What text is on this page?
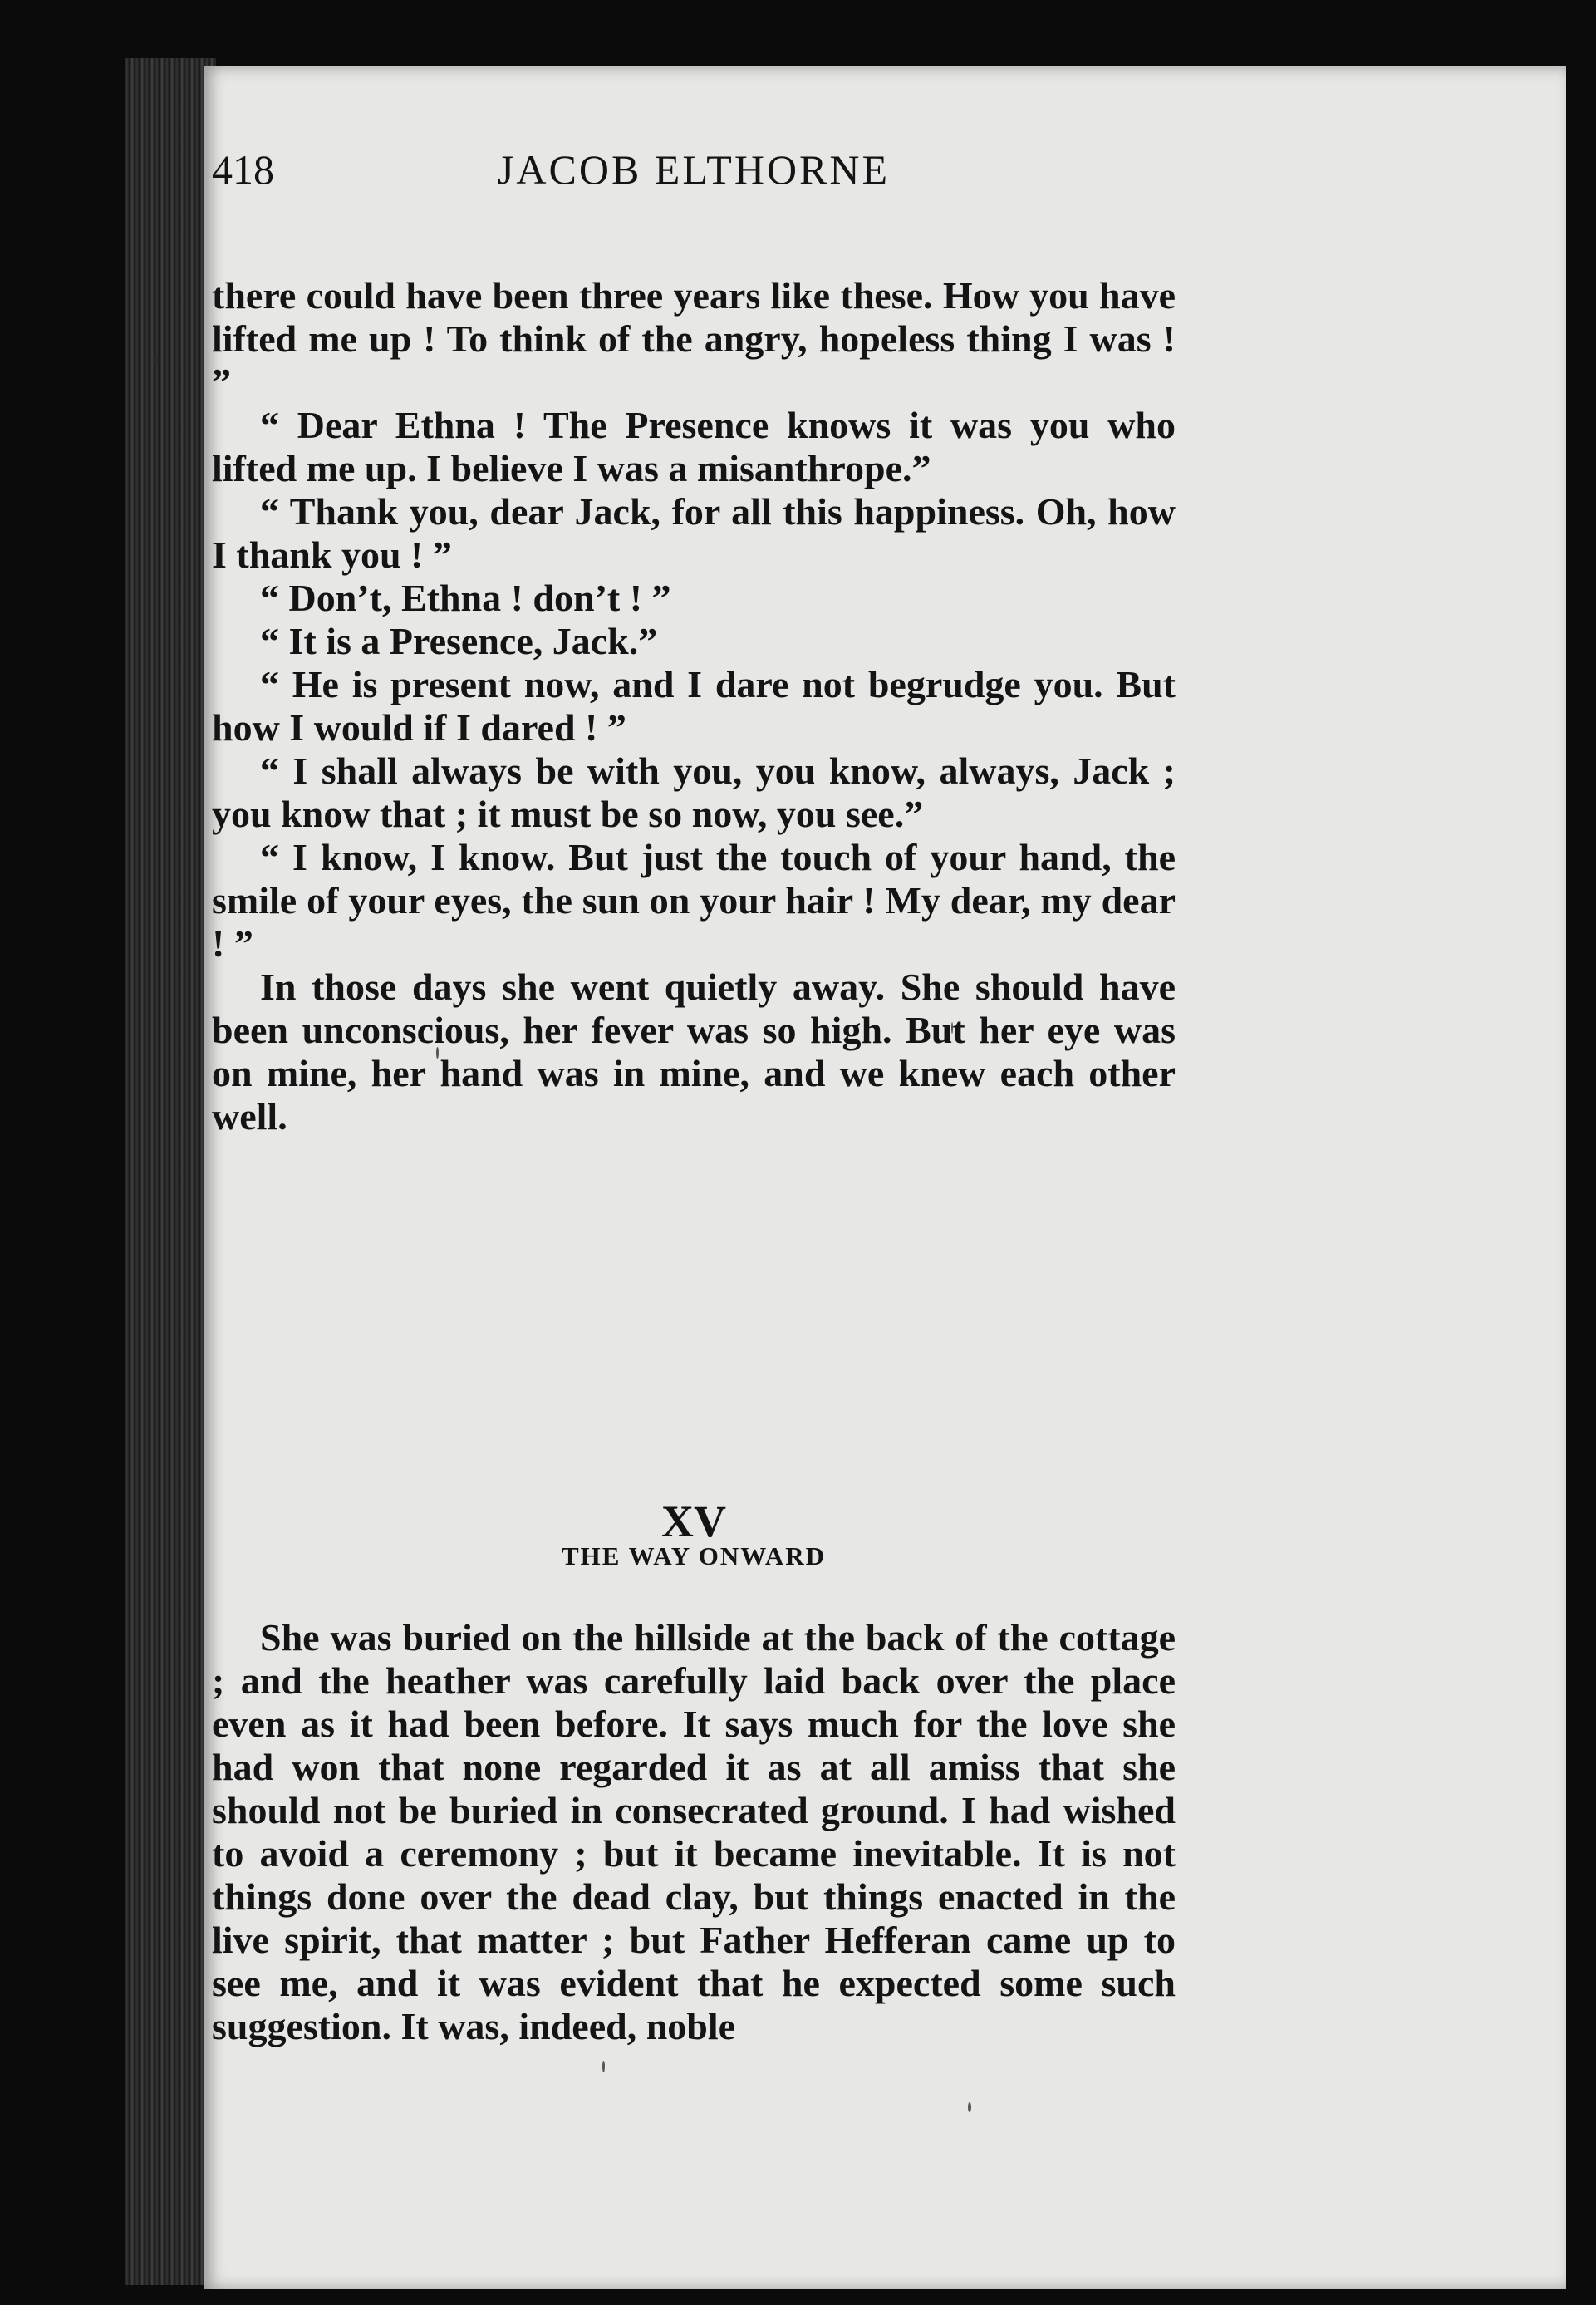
418	JACOB ELTHORNE

there could have been three years like these. How you have lifted me up ! To think of the angry, hopeless thing I was ! ”

“ Dear Ethna ! The Presence knows it was you who lifted me up. I believe I was a misanthrope.”

“ Thank you, dear Jack, for all this happiness. Oh, how I thank you ! ”

“ Don’t, Ethna ! don’t ! ”

“ It is a Presence, Jack.”

“ He is present now, and I dare not begrudge you. But how I would if I dared ! ”

“ I shall always be with you, you know, always, Jack ; you know that ; it must be so now, you see.”

“ I know, I know. But just the touch of your hand, the smile of your eyes, the sun on your hair ! My dear, my dear ! ”

In those days she went quietly away. She should have been unconscious, her fever was so high. But her eye was on mine, her hand was in mine, and we knew each other well.

XV
THE WAY ONWARD

She was buried on the hillside at the back of the cottage ; and the heather was carefully laid back over the place even as it had been before. It says much for the love she had won that none regarded it as at all amiss that she should not be buried in consecrated ground. I had wished to avoid a ceremony ; but it became inevitable. It is not things done over the dead clay, but things enacted in the live spirit, that matter ; but Father Hefferan came up to see me, and it was evident that he expected some such suggestion. It was, indeed, noble
